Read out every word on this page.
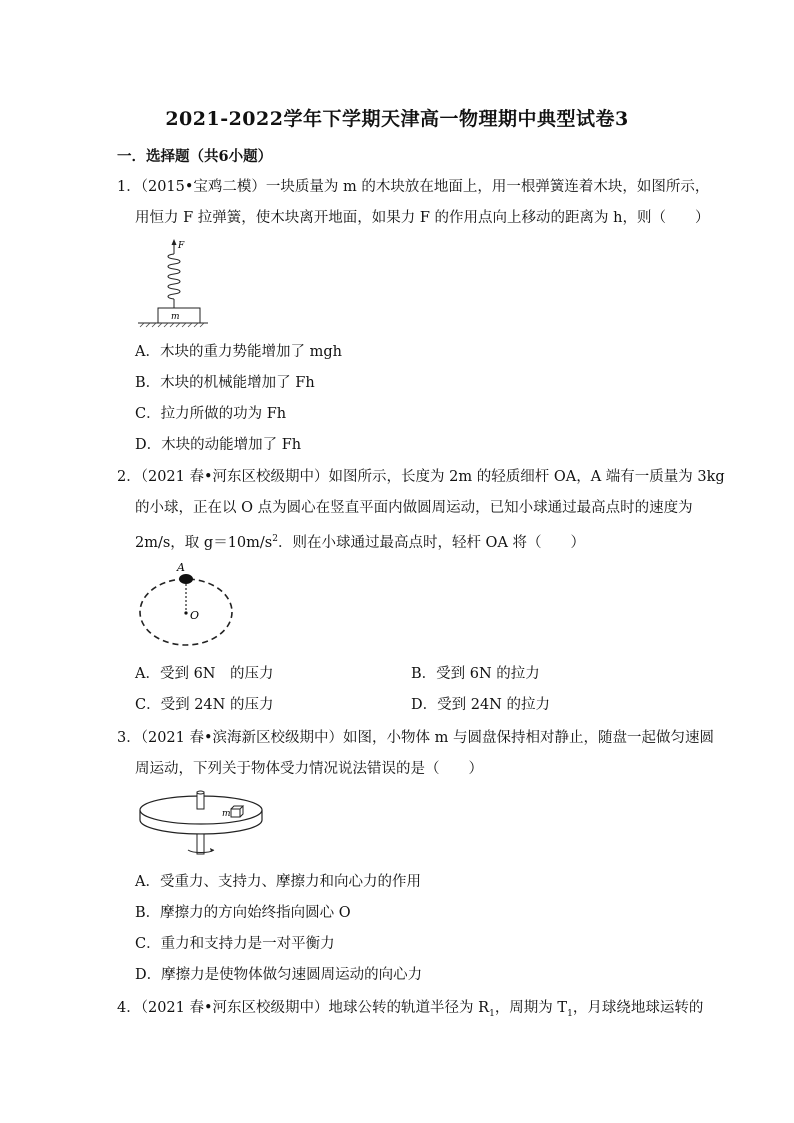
2021-2022学年下学期天津高一物理期中典型试卷3
一．选择题（共6小题）
1．（2015•宝鸡二模）一块质量为 m 的木块放在地面上，用一根弹簧连着木块，如图所示，
用恒力 F 拉弹簧，使木块离开地面，如果力 F 的作用点向上移动的距离为 h，则（　　）
F
m
A．木块的重力势能增加了 mgh
B．木块的机械能增加了 Fh
C．拉力所做的功为 Fh
D．木块的动能增加了 Fh
2．（2021 春•河东区校级期中）如图所示，长度为 2m 的轻质细杆 OA，A 端有一质量为 3kg
的小球，正在以 O 点为圆心在竖直平面内做圆周运动，已知小球通过最高点时的速度为
2m/s，取 $g=10m/s^2$．则在小球通过最高点时，轻杆 OA 将（　　）
A
O
A．受到 6N　的压力	B．受到 6N 的拉力
C．受到 24N 的压力	D．受到 24N 的拉力
3．（2021 春•滨海新区校级期中）如图，小物体 m 与圆盘保持相对静止，随盘一起做匀速圆
周运动，下列关于物体受力情况说法错误的是（　　）
m
A．受重力、支持力、摩擦力和向心力的作用
B．摩擦力的方向始终指向圆心 O
C．重力和支持力是一对平衡力
D．摩擦力是使物体做匀速圆周运动的向心力
4．（2021 春•河东区校级期中）地球公转的轨道半径为 $R_1$，周期为 $T_1$，月球绕地球运转的
